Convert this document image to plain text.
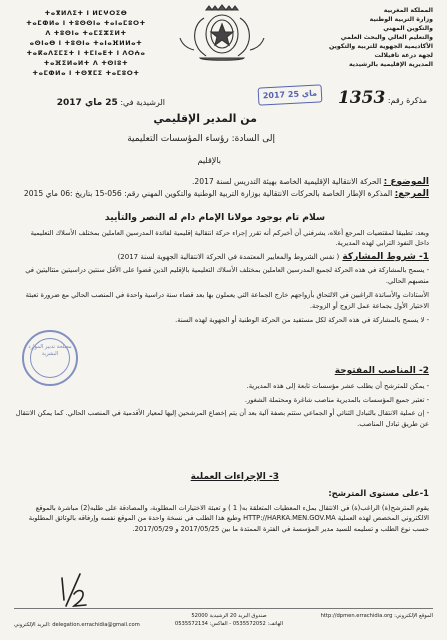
المملكة المغربية
وزارة التربية الوطنية
والتكوين المهني
والتعليم العالي والبحث العلمي
الأكاديمية الجهوية للتربية والتكوين
لجهة درعة تافيلالت
المديرية الإقليمية بالرشيدية
ⵜⴰⴳⵍⴷⵉⵜ ⵏ ⵍⵎⵖⵔⵉⴱ
ⵜⴰⵎⵀⵍⴰ ⵏ ⵜⵓⵙⵙⵏⴰ ⵜⴰⵏⴰⵎⵓⵔⵜ
ⴷ ⵜⵓⵙⵏⴰ ⵜⴰⵎⵉⵣⵉⵍⵜ
ⴰⵙⵏⴰⴱ ⵏ ⵜⵓⵙⵏⴰ ⵜⴰⵏⴰⴼⵍⵍⴰⵜ
ⵜⴰⴽⴰⴷⵉⵎⵉⵜ ⵏ ⵜⵎⵏⴰⴹⵜ ⵏ ⴷⵔⵄⴰ
ⵜⴰⴼⵉⵍⴰⵍⵜ ⴷ ⵜⵙⵏⵓⵜ
ⵜⴰⵎⵀⵍⴰ ⵏ ⵜⵙⴳⵎⵉ ⵜⴰⵎⵓⵔⵜ
مذكرة رقم: 1353
2017 ماي 25
الرشيدية في: 25 ماي 2017
من المدير الإقليمي
إلى السادة: رؤساء المؤسسات التعليمية
بالإقليم
الموضوع : الحركة الانتقالية الإقليمية الخاصة بهيئة التدريس لسنة 2017.
المرجع: المذكرة الإطار الخاصة بالحركات الانتقالية بوزارة التربية الوطنية والتكوين المهني رقم: 056-15 بتاريخ :06 ماي 2015
سلام تام بوجود مولانا الإمام دام له النصر والتأييد
وبعد، تطبيقا لمقتضيات المرجع أعلاه، يشرفني أن أخبركم أنه تقرر إجراء حركة انتقالية إقليمية لفائدة المدرسين العاملين بمختلف الأسلاك التعليمية داخل النفوذ الترابي لهذه المديرية.
1- شروط المشاركة ( نفس الشروط والمعايير المعتمدة في الحركة الانتقالية الجهوية لسنة 2017)
- يسمح بالمشاركة في هذه الحركة لجميع المدرسين العاملين بمختلف الأسلاك التعليمية بالإقليم الذين قضوا على الأقل سنتين دراسيتين متتاليتين في منصبهم الحالي.
الأستاذات والأساتذة الراغبين في الالتحاق بأزواجهم خارج الجماعة التي يعملون بها بعد قضاء سنة دراسية واحدة في المنصب الحالي مع ضرورة تعبئة الاختيار الأول بجماعة عمل الزوج أو الزوجة.
- لا يسمح بالمشاركة في هذه الحركة لكل مستفيد من الحركة الوطنية أو الجهوية لهذه السنة.
2- المناصب المفتوحة
- يمكن للمترشح أن يطلب عشر مؤسسات تابعة إلى هذه المديرية.
- تعتبر جميع المؤسسات بالمديرية مناصب شاغرة ومحتملة الشغور.
- إن عملية الانتقال بالتبادل الثنائي أو الجماعي ستتم بصفة آلية بعد أن يتم إخضاع المرشحين إليها لمعيار الأقدمية في المنصب الحالي. كما يمكن الانتقال عن طريق تبادل المناصب.
3- الإجراءات العملية
1-على مستوى المترشح:
يقوم المترشح(ة) الراغب(ة) في الانتقال بملء المعطيات المتعلقة به( 1 ) و تعبئة الاختيارات المطلوبة، والمصادقة على طلبه(2) مباشرة بالموقع الالكتروني المخصص لهذه العملية HTTP://HARKA.MEN.GOV.MA وطبع هذا الطلب في نسخة واحدة من الموقع نفسه وإرفاقه بالوثائق المطلوبة حسب نوع الطلب و تسليمه للسيد مدير المؤسسة في الفترة الممتدة ما بين 2017/05/25 و 2017/05/29.
مصلحة تدبير الموارد البشرية
الموقع الإلكتروني: http://dpmen.errachidia.org
صندوق البريد 20 الرشيدية 52000
الهاتف: 0535572052 - الفاكس: 0535572134
البريد الإلكتروني: delegation.errachidia@gmail.com
